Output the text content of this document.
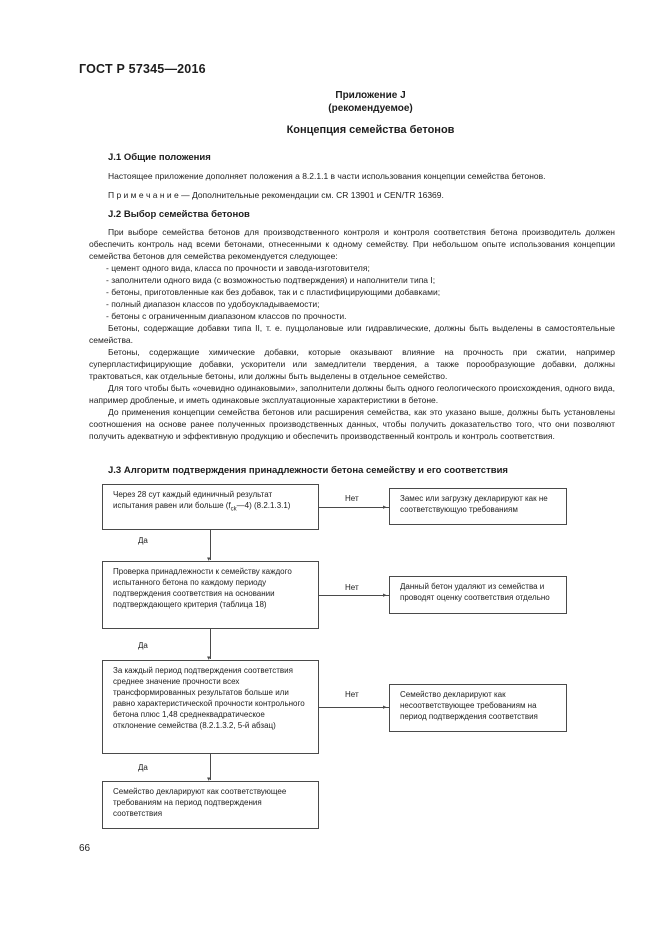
ГОСТ Р 57345—2016
Приложение J
(рекомендуемое)
Концепция семейства бетонов
J.1 Общие положения

Настоящее приложение дополняет положения а 8.2.1.1 в части использования концепции семейства бетонов.

П р и м е ч а н и е — Дополнительные рекомендации см. CR 13901 и CEN/TR 16369.

J.2 Выбор семейства бетонов

При выборе семейства бетонов для производственного контроля и контроля соответствия бетона производитель должен обеспечить контроль над всеми бетонами, отнесенными к одному семейству. При небольшом опыте использования концепции семейства бетонов для семейства рекомендуется следующее:

- цемент одного вида, класса по прочности и завода-изготовителя;

- заполнители одного вида (с возможностью подтверждения) и наполнители типа I;

- бетоны, приготовленные как без добавок, так и с пластифицирующими добавками;

- полный диапазон классов по удобоукладываемости;

- бетоны с ограниченным диапазоном классов по прочности.

Бетоны, содержащие добавки типа II, т. е. пуццолановые или гидравлические, должны быть выделены в самостоятельные семейства.

Бетоны, содержащие химические добавки, которые оказывают влияние на прочность при сжатии, например суперпластифицирующие добавки, ускорители или замедлители твердения, а также порообразующие добавки, должны трактоваться, как отдельные бетоны, или должны быть выделены в отдельное семейство.

Для того чтобы быть «очевидно одинаковыми», заполнители должны быть одного геологического происхождения, одного вида, например дробленые, и иметь одинаковые эксплуатационные характеристики в бетоне.

До применения концепции семейства бетонов или расширения семейства, как это указано выше, должны быть установлены соотношения на основе ранее полученных производственных данных, чтобы получить доказательство того, что они позволяют получить адекватную и эффективную продукцию и обеспечить производственный контроль и контроль соответствия.

J.3 Алгоритм подтверждения принадлежности бетона семейству и его соответствия
Через 28 сут каждый единичный результат испытания равен или больше $(f_{ck}—4)$ (8.2.1.3.1)	▸
Нет	Замес или загрузку декларируют как не соответствующую требованиям
Да
▾
Проверка принадлежности к семейству каждого испытанного бетона по каждому периоду подтверждения соответствия на основании подтверждающего критерия (таблица 18)
▸
Нет	Данный бетон удаляют из семейства и проводят оценку соответствия отдельно
Да
▾
За каждый период подтверждения соответствия среднее значение прочности всех трансформированных результатов больше или равно характеристической прочности контрольного бетона плюс 1,48 среднеквадратическое отклонение семейства (8.2.1.3.2, 5-й абзац)
▸
Нет	Семейство декларируют как несоответствующее требованиям на период подтверждения соответствия
Да
▾
Семейство декларируют как соответствующее требованиям на период подтверждения соответствия
66
